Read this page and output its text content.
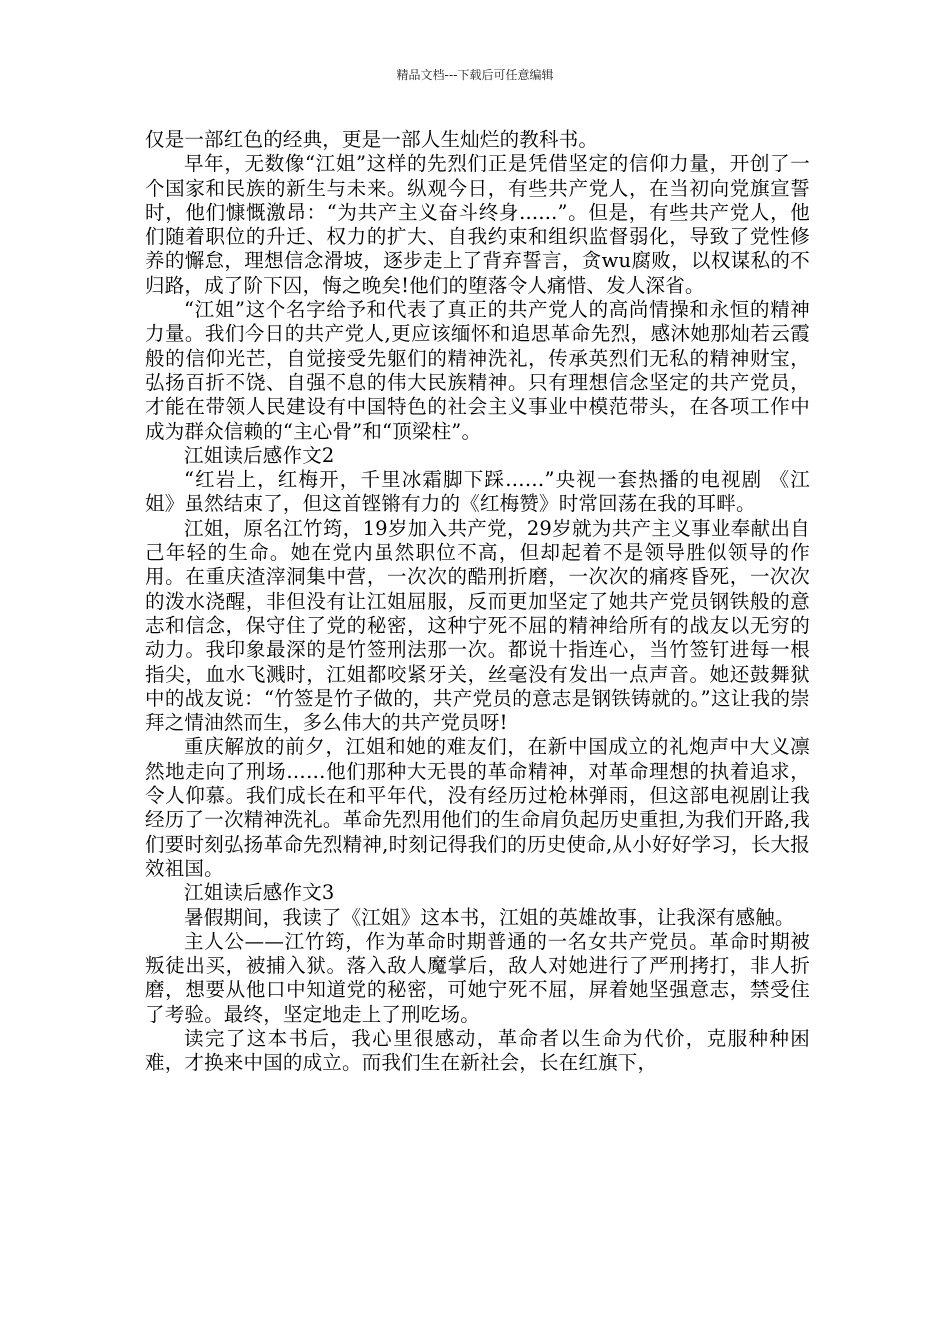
精品文档---下载后可任意编辑

仅是一部红色的经典，更是一部人生灿烂的教科书。

早年，无数像“江姐”这样的先烈们正是凭借坚定的信仰力量，开创了一个国家和民族的新生与未来。纵观今日，有些共产党人，在当初向党旗宣誓时，他们慷慨激昂：“为共产主义奋斗终身......”。但是，有些共产党人，他们随着职位的升迁、权力的扩大、自我约束和组织监督弱化，导致了党性修养的懈怠，理想信念滑坡，逐步走上了背弃誓言，贪wu腐败，以权谋私的不归路，成了阶下囚，悔之晚矣!他们的堕落令人痛惜、发人深省。

“江姐”这个名字给予和代表了真正的共产党人的高尚情操和永恒的精神力量。我们今日的共产党人,更应该缅怀和追思革命先烈，感沐她那灿若云霞般的信仰光芒，自觉接受先躯们的精神洗礼，传承英烈们无私的精神财宝，弘扬百折不饶、自强不息的伟大民族精神。只有理想信念坚定的共产党员，才能在带领人民建设有中国特色的社会主义事业中模范带头，在各项工作中成为群众信赖的“主心骨”和“顶梁柱”。

江姐读后感作文2

“红岩上，红梅开，千里冰霜脚下踩……”央视一套热播的电视剧 《江姐》虽然结束了，但这首铿锵有力的《红梅赞》时常回荡在我的耳畔。

江姐，原名江竹筠，19岁加入共产党，29岁就为共产主义事业奉献出自己年轻的生命。她在党内虽然职位不高，但却起着不是领导胜似领导的作用。在重庆渣滓洞集中营，一次次的酷刑折磨，一次次的痛疼昏死，一次次的泼水浇醒，非但没有让江姐屈服，反而更加坚定了她共产党员钢铁般的意志和信念，保守住了党的秘密，这种宁死不屈的精神给所有的战友以无穷的动力。我印象最深的是竹签刑法那一次。都说十指连心，当竹签钉进每一根指尖，血水飞溅时，江姐都咬紧牙关，丝毫没有发出一点声音。她还鼓舞狱中的战友说：“竹签是竹子做的，共产党员的意志是钢铁铸就的。”这让我的崇拜之情油然而生，多么伟大的共产党员呀!

重庆解放的前夕，江姐和她的难友们，在新中国成立的礼炮声中大义凛然地走向了刑场……他们那种大无畏的革命精神，对革命理想的执着追求，令人仰慕。我们成长在和平年代，没有经历过枪林弹雨，但这部电视剧让我经历了一次精神洗礼。革命先烈用他们的生命肩负起历史重担,为我们开路,我们要时刻弘扬革命先烈精神,时刻记得我们的历史使命,从小好好学习，长大报效祖国。

江姐读后感作文3

暑假期间，我读了《江姐》这本书，江姐的英雄故事，让我深有感触。

主人公——江竹筠，作为革命时期普通的一名女共产党员。革命时期被叛徒出买，被捕入狱。落入敌人魔掌后，敌人对她进行了严刑拷打，非人折磨，想要从他口中知道党的秘密，可她宁死不屈，屏着她坚强意志，禁受住了考验。最终，坚定地走上了刑吃场。

读完了这本书后，我心里很感动，革命者以生命为代价，克服种种困难，才换来中国的成立。而我们生在新社会，长在红旗下，
